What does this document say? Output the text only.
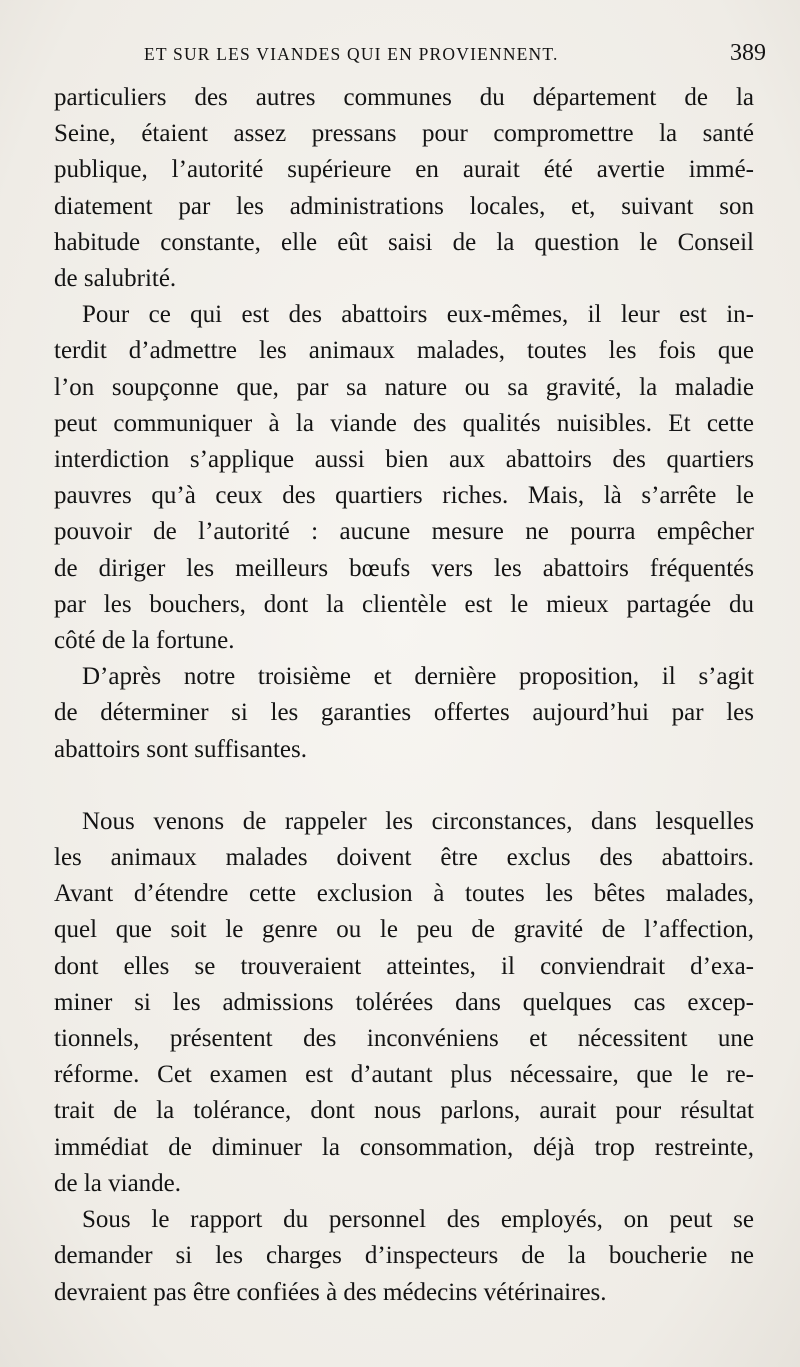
ET SUR LES VIANDES QUI EN PROVIENNENT.	389
particuliers des autres communes du département de la
Seine, étaient assez pressans pour compromettre la santé
publique, l’autorité supérieure en aurait été avertie immé-
diatement par les administrations locales, et, suivant son
habitude constante, elle eût saisi de la question le Conseil
de salubrité.
Pour ce qui est des abattoirs eux-mêmes, il leur est in-
terdit d’admettre les animaux malades, toutes les fois que
l’on soupçonne que, par sa nature ou sa gravité, la maladie
peut communiquer à la viande des qualités nuisibles. Et cette
interdiction s’applique aussi bien aux abattoirs des quartiers
pauvres qu’à ceux des quartiers riches. Mais, là s’arrête le
pouvoir de l’autorité : aucune mesure ne pourra empêcher
de diriger les meilleurs bœufs vers les abattoirs fréquentés
par les bouchers, dont la clientèle est le mieux partagée du
côté de la fortune.
D’après notre troisième et dernière proposition, il s’agit
de déterminer si les garanties offertes aujourd’hui par les
abattoirs sont suffisantes.
Nous venons de rappeler les circonstances, dans lesquelles
les animaux malades doivent être exclus des abattoirs.
Avant d’étendre cette exclusion à toutes les bêtes malades,
quel que soit le genre ou le peu de gravité de l’affection,
dont elles se trouveraient atteintes, il conviendrait d’exa-
miner si les admissions tolérées dans quelques cas excep-
tionnels, présentent des inconvéniens et nécessitent une
réforme. Cet examen est d’autant plus nécessaire, que le re-
trait de la tolérance, dont nous parlons, aurait pour résultat
immédiat de diminuer la consommation, déjà trop restreinte,
de la viande.
Sous le rapport du personnel des employés, on peut se
demander si les charges d’inspecteurs de la boucherie ne
devraient pas être confiées à des médecins vétérinaires.
